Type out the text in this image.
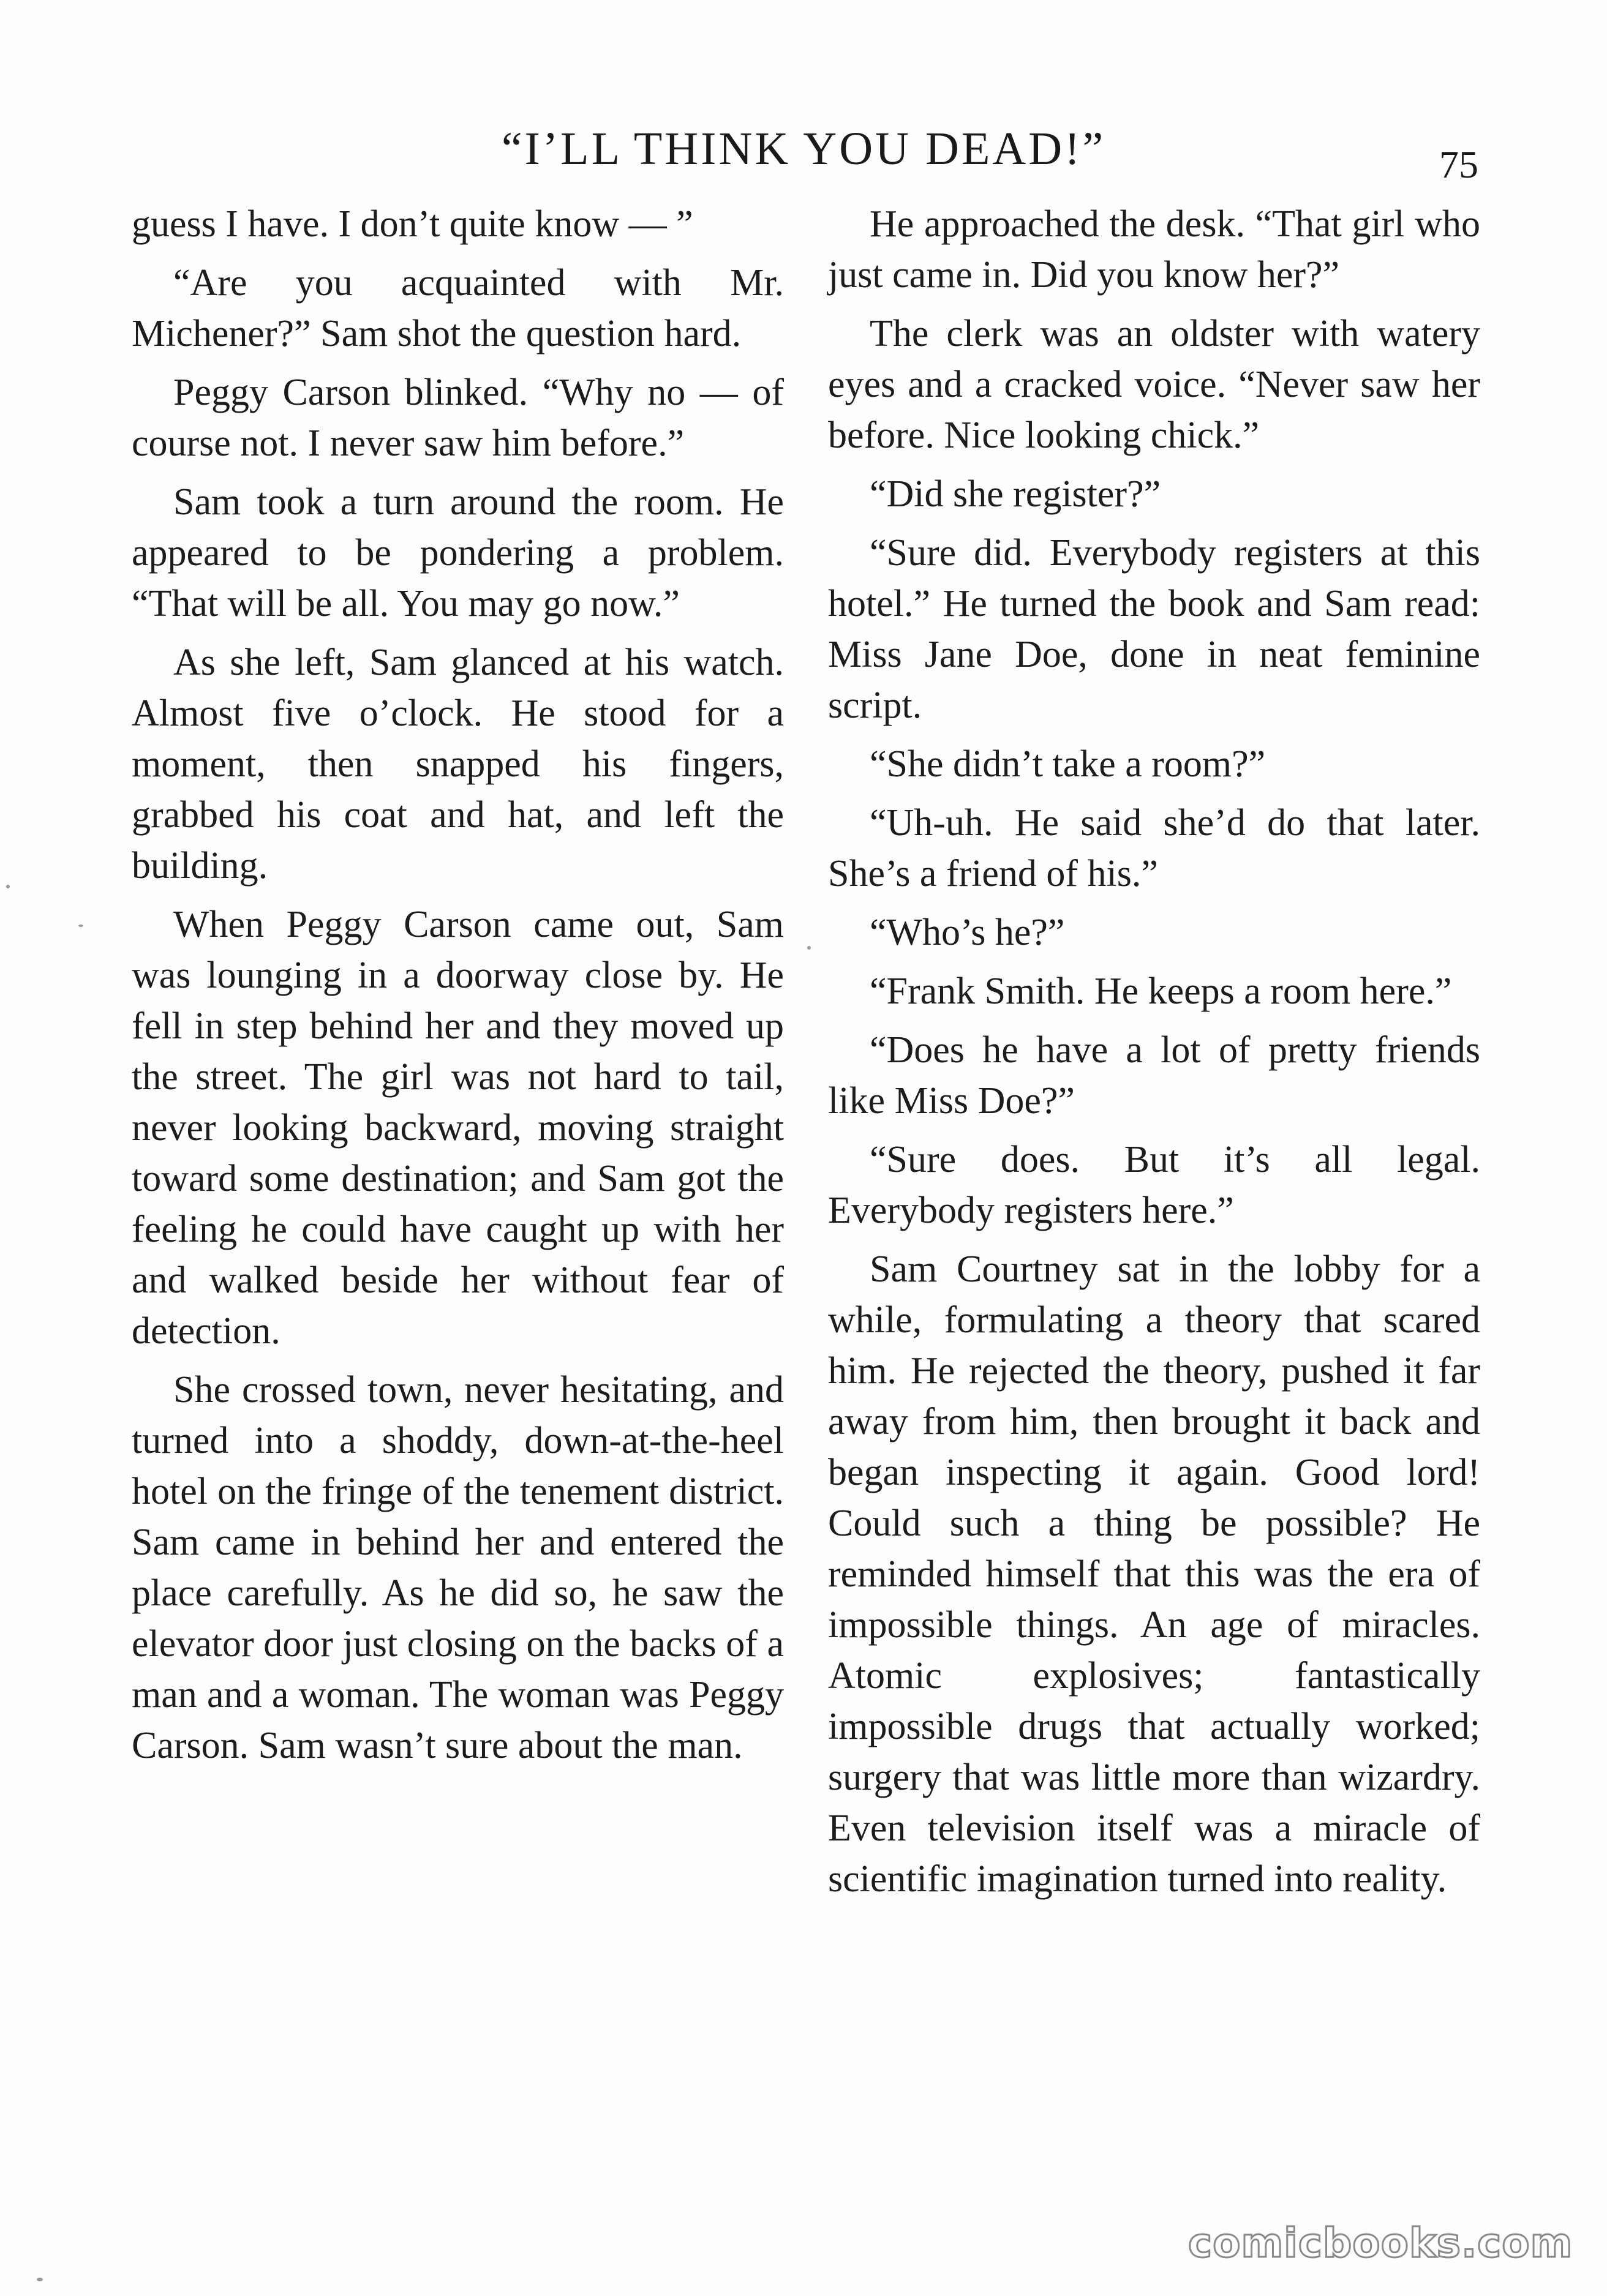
“I’LL THINK YOU DEAD!”	75

guess I have. I don’t quite know — ”

“Are you acquainted with Mr. Michener?” Sam shot the question hard.

Peggy Carson blinked. “Why no — of course not. I never saw him before.”

Sam took a turn around the room. He appeared to be pondering a problem. “That will be all. You may go now.”

As she left, Sam glanced at his watch. Almost five o’clock. He stood for a moment, then snapped his fingers, grabbed his coat and hat, and left the building.

When Peggy Carson came out, Sam was lounging in a doorway close by. He fell in step behind her and they moved up the street. The girl was not hard to tail, never looking backward, moving straight toward some destination; and Sam got the feeling he could have caught up with her and walked beside her without fear of detection.

She crossed town, never hesitating, and turned into a shoddy, down-at-the-heel hotel on the fringe of the tenement district. Sam came in behind her and entered the place carefully. As he did so, he saw the elevator door just closing on the backs of a man and a woman. The woman was Peggy Carson. Sam wasn’t sure about the man.

He approached the desk. “That girl who just came in. Did you know her?”

The clerk was an oldster with watery eyes and a cracked voice. “Never saw her before. Nice looking chick.”

“Did she register?”

“Sure did. Everybody registers at this hotel.” He turned the book and Sam read: Miss Jane Doe, done in neat feminine script.

“She didn’t take a room?”

“Uh-uh. He said she’d do that later. She’s a friend of his.”

“Who’s he?”

“Frank Smith. He keeps a room here.”

“Does he have a lot of pretty friends like Miss Doe?”

“Sure does. But it’s all legal. Everybody registers here.”

Sam Courtney sat in the lobby for a while, formulating a theory that scared him. He rejected the theory, pushed it far away from him, then brought it back and began inspecting it again. Good lord! Could such a thing be possible? He reminded himself that this was the era of impossible things. An age of miracles. Atomic explosives; fantastically impossible drugs that actually worked; surgery that was little more than wizardry. Even television itself was a miracle of scientific imagination turned into reality.

comicbooks.com
